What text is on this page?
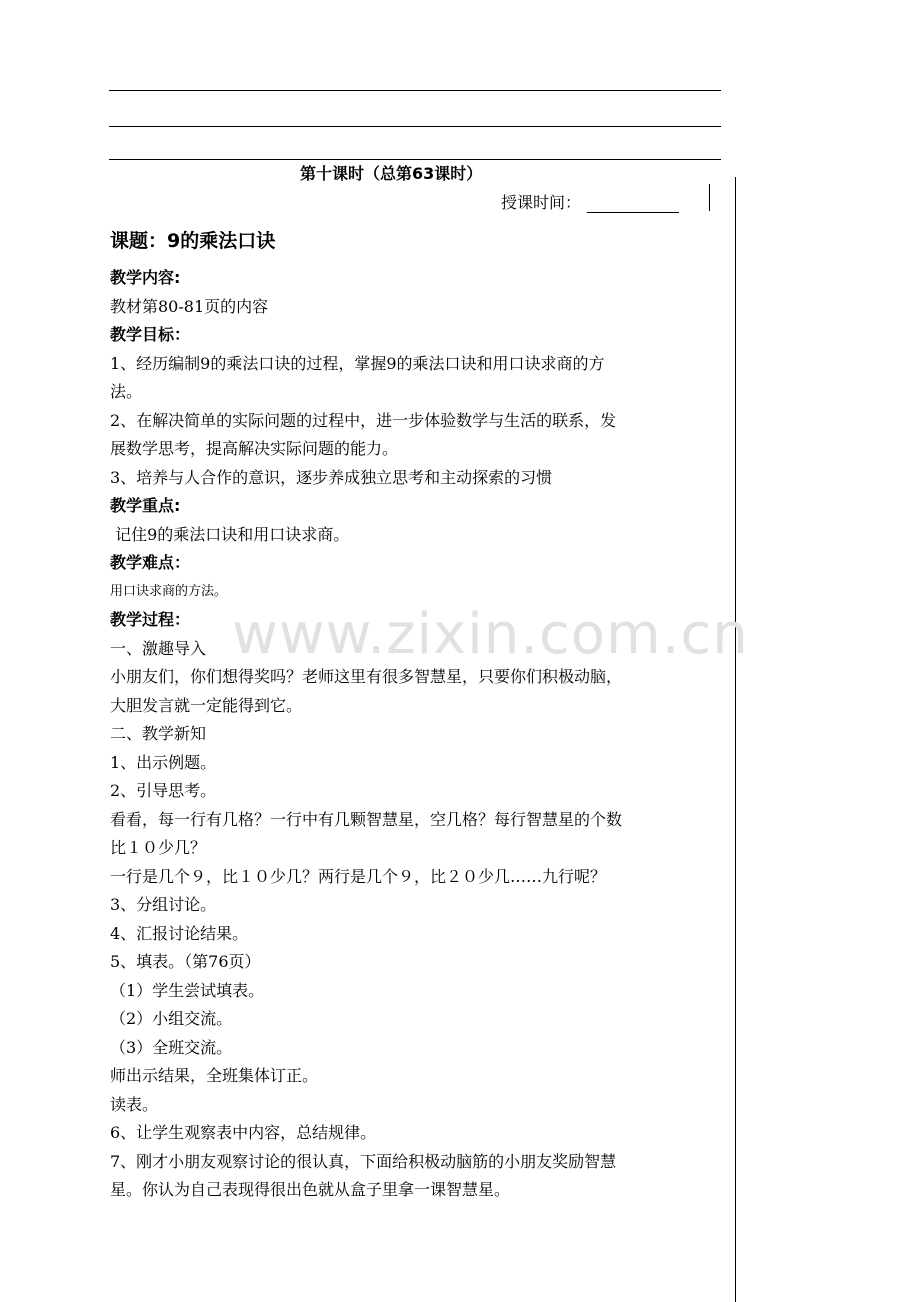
第十课时（总第63课时）
授课时间：
课题：9的乘法口诀
www.zixin.com.cn

教学内容:

教材第80-81页的内容

教学目标：

1、经历编制9的乘法口诀的过程，掌握9的乘法口诀和用口诀求商的方

法。

2、在解决简单的实际问题的过程中，进一步体验数学与生活的联系，发

展数学思考，提高解决实际问题的能力。

3、培养与人合作的意识，逐步养成独立思考和主动探索的习惯

教学重点:

记住9的乘法口诀和用口诀求商。

教学难点：

用口诀求商的方法。

教学过程：

一、激趣导入

小朋友们，你们想得奖吗？老师这里有很多智慧星，只要你们积极动脑，

大胆发言就一定能得到它。

二、教学新知

1、出示例题。

2、引导思考。

看看，每一行有几格？一行中有几颗智慧星，空几格？每行智慧星的个数

比１０少几？

一行是几个９，比１０少几？两行是几个９，比２０少几……九行呢？

3、分组讨论。

4、汇报讨论结果。

5、填表。（第76页）

（1）学生尝试填表。

（2）小组交流。

（3）全班交流。

师出示结果，全班集体订正。

读表。

6、让学生观察表中内容，总结规律。

7、刚才小朋友观察讨论的很认真，下面给积极动脑筋的小朋友奖励智慧

星。你认为自己表现得很出色就从盒子里拿一课智慧星。
